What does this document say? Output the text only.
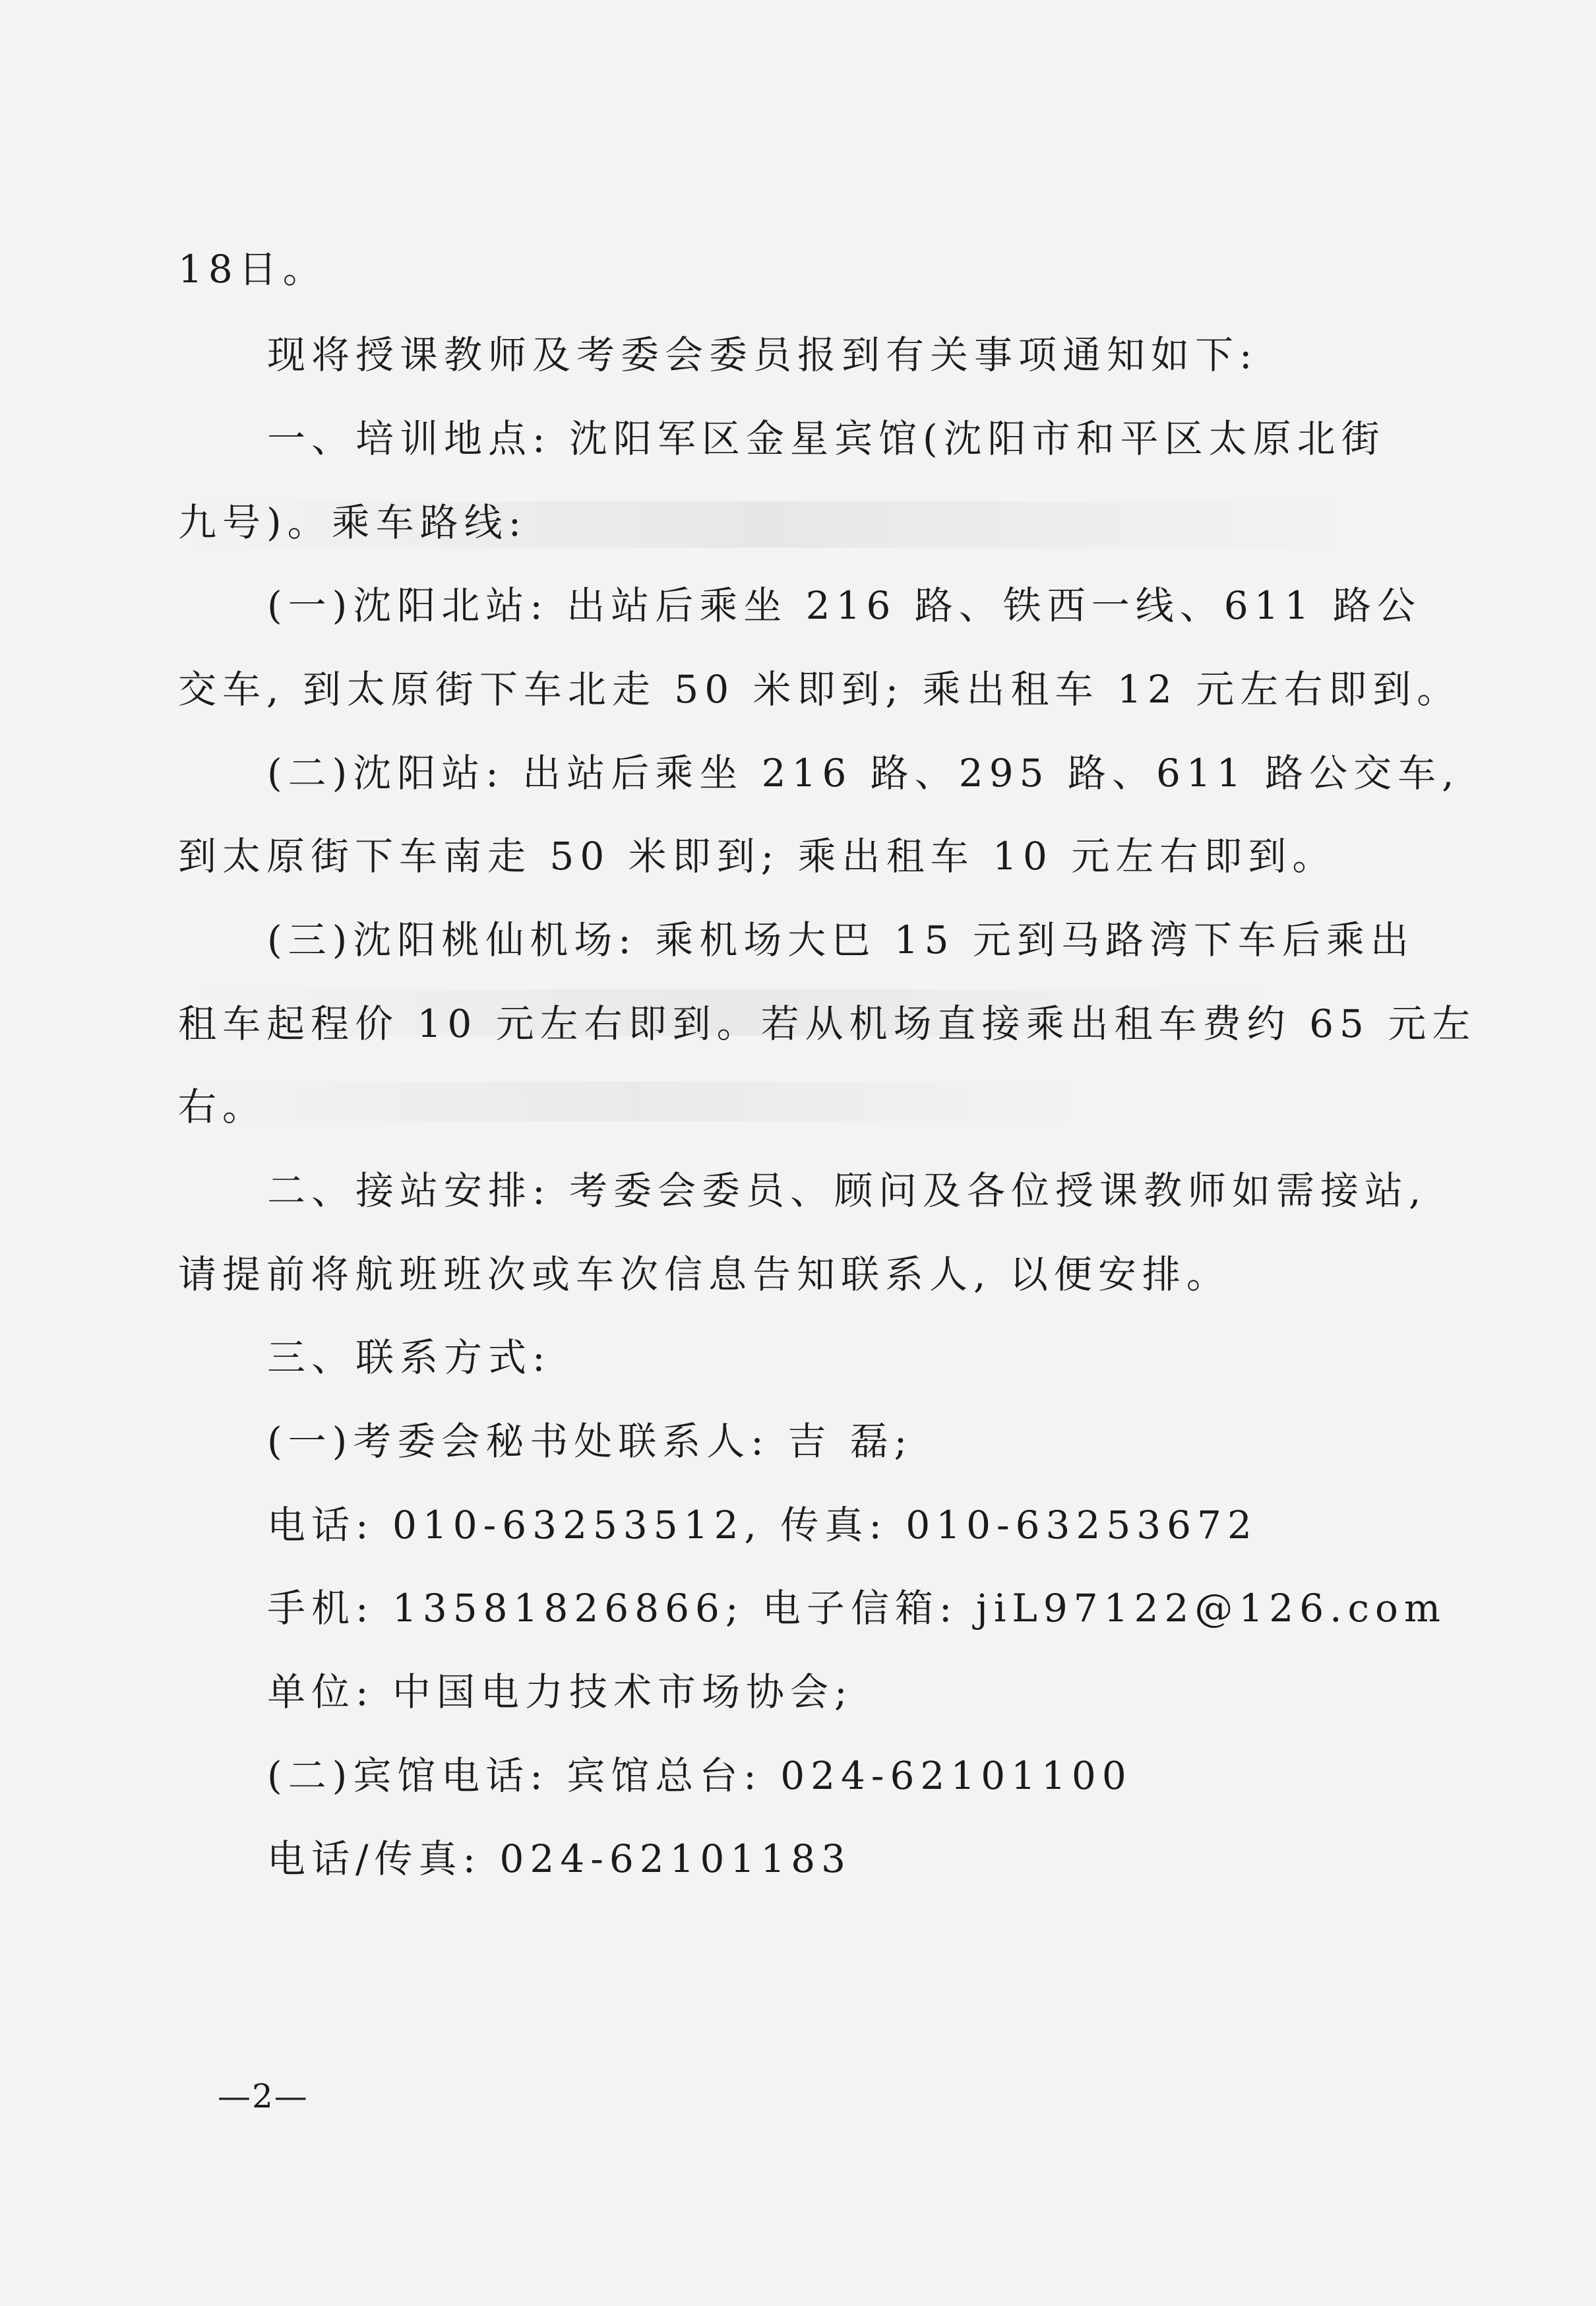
18日。
现将授课教师及考委会委员报到有关事项通知如下:
一、培训地点: 沈阳军区金星宾馆(沈阳市和平区太原北街
九号)。乘车路线:
(一)沈阳北站: 出站后乘坐 216 路、铁西一线、611 路公
交车, 到太原街下车北走 50 米即到; 乘出租车 12 元左右即到。
(二)沈阳站: 出站后乘坐 216 路、295 路、611 路公交车,
到太原街下车南走 50 米即到; 乘出租车 10 元左右即到。
(三)沈阳桃仙机场: 乘机场大巴 15 元到马路湾下车后乘出
租车起程价 10 元左右即到。若从机场直接乘出租车费约 65 元左
右。
二、接站安排: 考委会委员、顾问及各位授课教师如需接站,
请提前将航班班次或车次信息告知联系人, 以便安排。
三、联系方式:
(一)考委会秘书处联系人: 吉 磊;
电话: 010-63253512, 传真: 010-63253672
手机: 13581826866; 电子信箱: jiL97122@126.com
单位: 中国电力技术市场协会;
(二)宾馆电话: 宾馆总台: 024-62101100
电话/传真: 024-62101183
—2—
